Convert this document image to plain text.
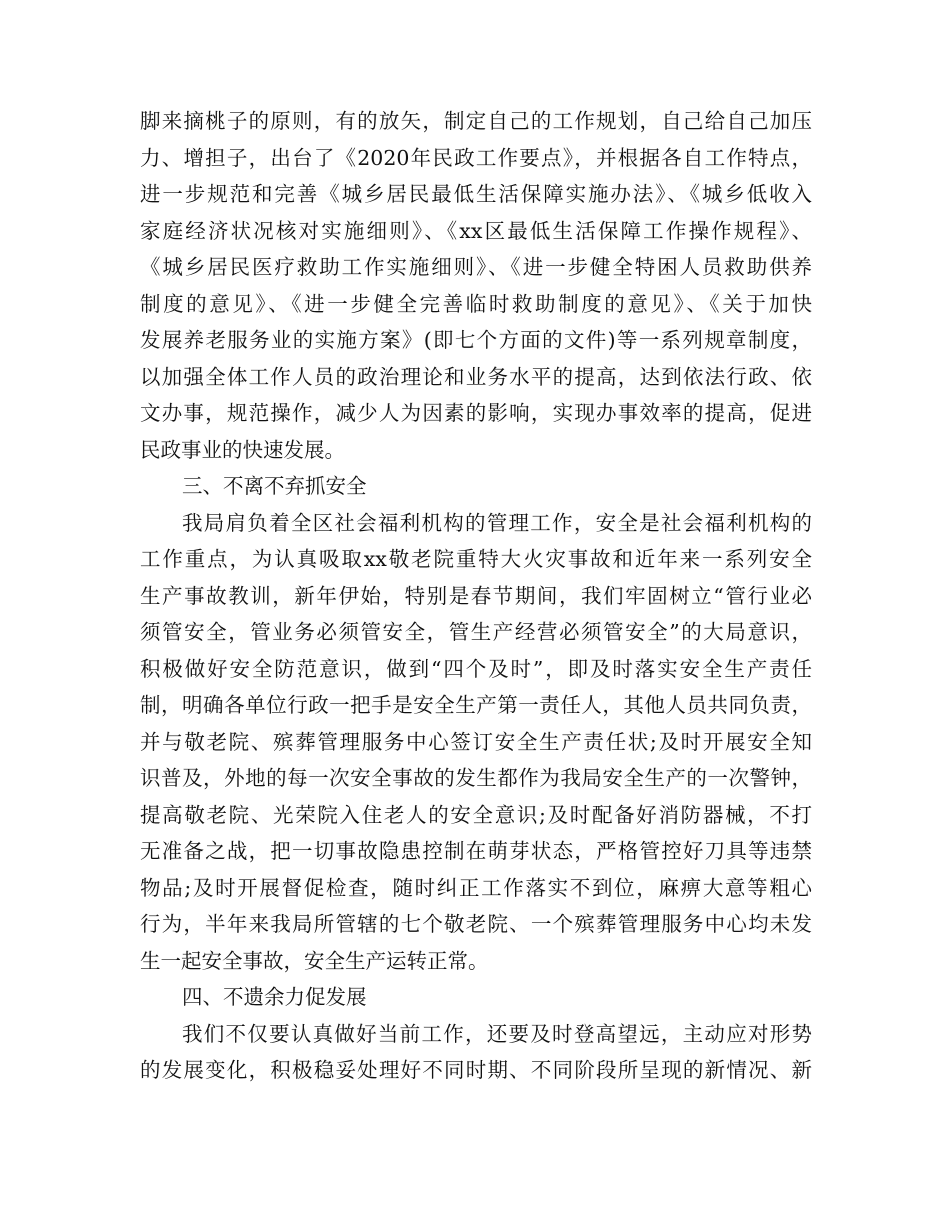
脚来摘桃子的原则，有的放矢，制定自己的工作规划，自己给自己加压
力、增担子，出台了《2020年民政工作要点》，并根据各自工作特点，
进一步规范和完善《城乡居民最低生活保障实施办法》、《城乡低收入
家庭经济状况核对实施细则》、《xx区最低生活保障工作操作规程》、
《城乡居民医疗救助工作实施细则》、《进一步健全特困人员救助供养
制度的意见》、《进一步健全完善临时救助制度的意见》、《关于加快
发展养老服务业的实施方案》(即七个方面的文件)等一系列规章制度，
以加强全体工作人员的政治理论和业务水平的提高，达到依法行政、依
文办事，规范操作，减少人为因素的影响，实现办事效率的提高，促进
民政事业的快速发展。
三、不离不弃抓安全
我局肩负着全区社会福利机构的管理工作，安全是社会福利机构的
工作重点，为认真吸取xx敬老院重特大火灾事故和近年来一系列安全
生产事故教训，新年伊始，特别是春节期间，我们牢固树立“管行业必
须管安全，管业务必须管安全，管生产经营必须管安全”的大局意识，
积极做好安全防范意识，做到“四个及时”，即及时落实安全生产责任
制，明确各单位行政一把手是安全生产第一责任人，其他人员共同负责，
并与敬老院、殡葬管理服务中心签订安全生产责任状;及时开展安全知
识普及，外地的每一次安全事故的发生都作为我局安全生产的一次警钟，
提高敬老院、光荣院入住老人的安全意识;及时配备好消防器械，不打
无准备之战，把一切事故隐患控制在萌芽状态，严格管控好刀具等违禁
物品;及时开展督促检查，随时纠正工作落实不到位，麻痹大意等粗心
行为，半年来我局所管辖的七个敬老院、一个殡葬管理服务中心均未发
生一起安全事故，安全生产运转正常。
四、不遗余力促发展
我们不仅要认真做好当前工作，还要及时登高望远，主动应对形势
的发展变化，积极稳妥处理好不同时期、不同阶段所呈现的新情况、新
